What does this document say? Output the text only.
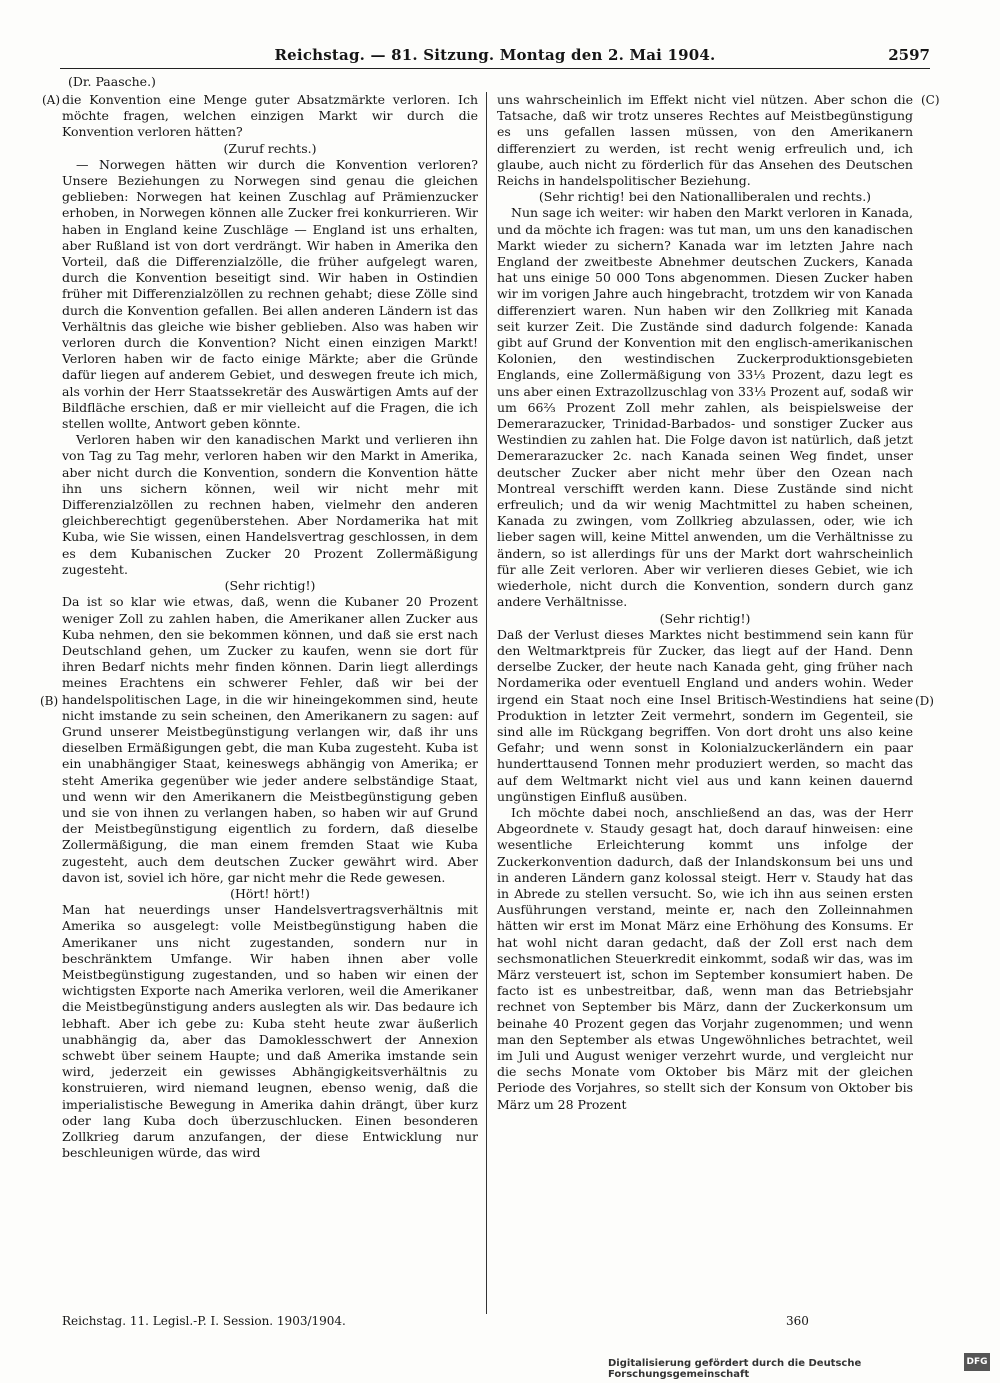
Reichstag. — 81. Sitzung. Montag den 2. Mai 1904.	2597
(Dr. Paasche.)
(A)
(B)
(C)
(D)

die Konvention eine Menge guter Absatzmärkte verloren. Ich möchte fragen, welchen einzigen Markt wir durch die Konvention verloren hätten?

(Zuruf rechts.)

— Norwegen hätten wir durch die Konvention verloren? Unsere Beziehungen zu Norwegen sind genau die gleichen geblieben: Norwegen hat keinen Zuschlag auf Prämienzucker erhoben, in Norwegen können alle Zucker frei konkurrieren. Wir haben in England keine Zuschläge — England ist uns erhalten, aber Rußland ist von dort verdrängt. Wir haben in Amerika den Vorteil, daß die Differenzialzölle, die früher aufgelegt waren, durch die Konvention beseitigt sind. Wir haben in Ostindien früher mit Differenzialzöllen zu rechnen gehabt; diese Zölle sind durch die Konvention gefallen. Bei allen anderen Ländern ist das Verhältnis das gleiche wie bisher geblieben. Also was haben wir verloren durch die Konvention? Nicht einen einzigen Markt! Verloren haben wir de facto einige Märkte; aber die Gründe dafür liegen auf anderem Gebiet, und deswegen freute ich mich, als vorhin der Herr Staatssekretär des Auswärtigen Amts auf der Bildfläche erschien, daß er mir vielleicht auf die Fragen, die ich stellen wollte, Antwort geben könnte.

Verloren haben wir den kanadischen Markt und verlieren ihn von Tag zu Tag mehr, verloren haben wir den Markt in Amerika, aber nicht durch die Konvention, sondern die Konvention hätte ihn uns sichern können, weil wir nicht mehr mit Differenzialzöllen zu rechnen haben, vielmehr den anderen gleichberechtigt gegenüberstehen. Aber Nordamerika hat mit Kuba, wie Sie wissen, einen Handelsvertrag geschlossen, in dem es dem Kubanischen Zucker 20 Prozent Zollermäßigung zugesteht.

(Sehr richtig!)

Da ist so klar wie etwas, daß, wenn die Kubaner 20 Prozent weniger Zoll zu zahlen haben, die Amerikaner allen Zucker aus Kuba nehmen, den sie bekommen können, und daß sie erst nach Deutschland gehen, um Zucker zu kaufen, wenn sie dort für ihren Bedarf nichts mehr finden können. Darin liegt allerdings meines Erachtens ein schwerer Fehler, daß wir bei der handelspolitischen Lage, in die wir hineingekommen sind, heute nicht imstande zu sein scheinen, den Amerikanern zu sagen: auf Grund unserer Meistbegünstigung verlangen wir, daß ihr uns dieselben Ermäßigungen gebt, die man Kuba zugesteht. Kuba ist ein unabhängiger Staat, keineswegs abhängig von Amerika; er steht Amerika gegenüber wie jeder andere selbständige Staat, und wenn wir den Amerikanern die Meistbegünstigung geben und sie von ihnen zu verlangen haben, so haben wir auf Grund der Meistbegünstigung eigentlich zu fordern, daß dieselbe Zollermäßigung, die man einem fremden Staat wie Kuba zugesteht, auch dem deutschen Zucker gewährt wird. Aber davon ist, soviel ich höre, gar nicht mehr die Rede gewesen.

(Hört! hört!)

Man hat neuerdings unser Handelsvertragsverhältnis mit Amerika so ausgelegt: volle Meistbegünstigung haben die Amerikaner uns nicht zugestanden, sondern nur in beschränktem Umfange. Wir haben ihnen aber volle Meistbegünstigung zugestanden, und so haben wir einen der wichtigsten Exporte nach Amerika verloren, weil die Amerikaner die Meistbegünstigung anders auslegten als wir. Das bedaure ich lebhaft. Aber ich gebe zu: Kuba steht heute zwar äußerlich unabhängig da, aber das Damoklesschwert der Annexion schwebt über seinem Haupte; und daß Amerika imstande sein wird, jederzeit ein gewisses Abhängigkeitsverhältnis zu konstruieren, wird niemand leugnen, ebenso wenig, daß die imperialistische Bewegung in Amerika dahin drängt, über kurz oder lang Kuba doch überzuschlucken. Einen besonderen Zollkrieg darum anzufangen, der diese Entwicklung nur beschleunigen würde, das wird

uns wahrscheinlich im Effekt nicht viel nützen. Aber schon die Tatsache, daß wir trotz unseres Rechtes auf Meistbegünstigung es uns gefallen lassen müssen, von den Amerikanern differenziert zu werden, ist recht wenig erfreulich und, ich glaube, auch nicht zu förderlich für das Ansehen des Deutschen Reichs in handelspolitischer Beziehung.

(Sehr richtig! bei den Nationalliberalen und rechts.)

Nun sage ich weiter: wir haben den Markt verloren in Kanada, und da möchte ich fragen: was tut man, um uns den kanadischen Markt wieder zu sichern? Kanada war im letzten Jahre nach England der zweitbeste Abnehmer deutschen Zuckers, Kanada hat uns einige 50 000 Tons abgenommen. Diesen Zucker haben wir im vorigen Jahre auch hingebracht, trotzdem wir von Kanada differenziert waren. Nun haben wir den Zollkrieg mit Kanada seit kurzer Zeit. Die Zustände sind dadurch folgende: Kanada gibt auf Grund der Konvention mit den englisch-amerikanischen Kolonien, den westindischen Zuckerproduktionsgebieten Englands, eine Zollermäßigung von 33⅓ Prozent, dazu legt es uns aber einen Extrazollzuschlag von 33⅓ Prozent auf, sodaß wir um 66⅔ Prozent Zoll mehr zahlen, als beispielsweise der Demerarazucker, Trinidad-Barbados- und sonstiger Zucker aus Westindien zu zahlen hat. Die Folge davon ist natürlich, daß jetzt Demerarazucker 2c. nach Kanada seinen Weg findet, unser deutscher Zucker aber nicht mehr über den Ozean nach Montreal verschifft werden kann. Diese Zustände sind nicht erfreulich; und da wir wenig Machtmittel zu haben scheinen, Kanada zu zwingen, vom Zollkrieg abzulassen, oder, wie ich lieber sagen will, keine Mittel anwenden, um die Verhältnisse zu ändern, so ist allerdings für uns der Markt dort wahrscheinlich für alle Zeit verloren. Aber wir verlieren dieses Gebiet, wie ich wiederhole, nicht durch die Konvention, sondern durch ganz andere Verhältnisse.

(Sehr richtig!)

Daß der Verlust dieses Marktes nicht bestimmend sein kann für den Weltmarktpreis für Zucker, das liegt auf der Hand. Denn derselbe Zucker, der heute nach Kanada geht, ging früher nach Nordamerika oder eventuell England und anders wohin. Weder irgend ein Staat noch eine Insel Britisch-Westindiens hat seine Produktion in letzter Zeit vermehrt, sondern im Gegenteil, sie sind alle im Rückgang begriffen. Von dort droht uns also keine Gefahr; und wenn sonst in Kolonialzuckerländern ein paar hunderttausend Tonnen mehr produziert werden, so macht das auf dem Weltmarkt nicht viel aus und kann keinen dauernd ungünstigen Einfluß ausüben.

Ich möchte dabei noch, anschließend an das, was der Herr Abgeordnete v. Staudy gesagt hat, doch darauf hinweisen: eine wesentliche Erleichterung kommt uns infolge der Zuckerkonvention dadurch, daß der Inlandskonsum bei uns und in anderen Ländern ganz kolossal steigt. Herr v. Staudy hat das in Abrede zu stellen versucht. So, wie ich ihn aus seinen ersten Ausführungen verstand, meinte er, nach den Zolleinnahmen hätten wir erst im Monat März eine Erhöhung des Konsums. Er hat wohl nicht daran gedacht, daß der Zoll erst nach dem sechsmonatlichen Steuerkredit einkommt, sodaß wir das, was im März versteuert ist, schon im September konsumiert haben. De facto ist es unbestreitbar, daß, wenn man das Betriebsjahr rechnet von September bis März, dann der Zuckerkonsum um beinahe 40 Prozent gegen das Vorjahr zugenommen; und wenn man den September als etwas Ungewöhnliches betrachtet, weil im Juli und August weniger verzehrt wurde, und vergleicht nur die sechs Monate vom Oktober bis März mit der gleichen Periode des Vorjahres, so stellt sich der Konsum von Oktober bis März um 28 Prozent

Reichstag. 11. Legisl.-P. I. Session. 1903/1904.	360
Digitalisierung gefördert durch die Deutsche Forschungsgemeinschaft
DFG
